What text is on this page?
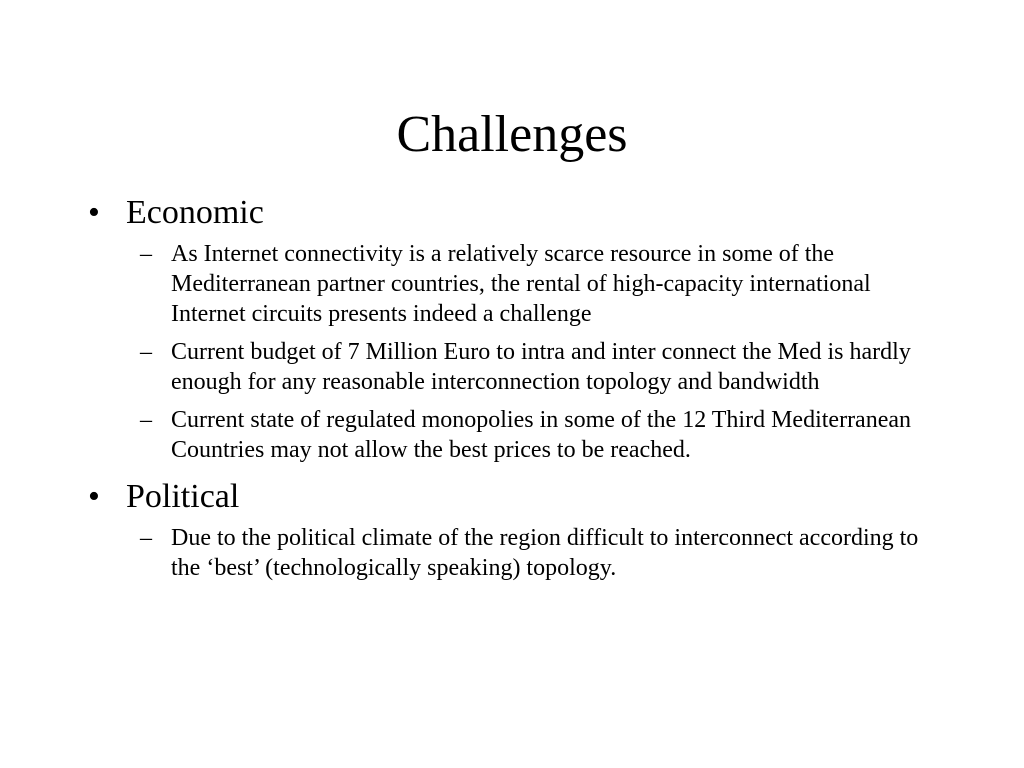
Challenges
• Economic
– As Internet connectivity is a relatively scarce resource in some of the Mediterranean partner countries, the rental of high-capacity international Internet circuits presents indeed a challenge
– Current budget of 7 Million Euro to intra and inter connect the Med is hardly enough for any reasonable interconnection topology and bandwidth
– Current state of regulated monopolies in some of the 12 Third Mediterranean Countries may not allow the best prices to be reached.
• Political
– Due to the political climate of the region difficult to interconnect according to the ‘best’ (technologically speaking) topology.
